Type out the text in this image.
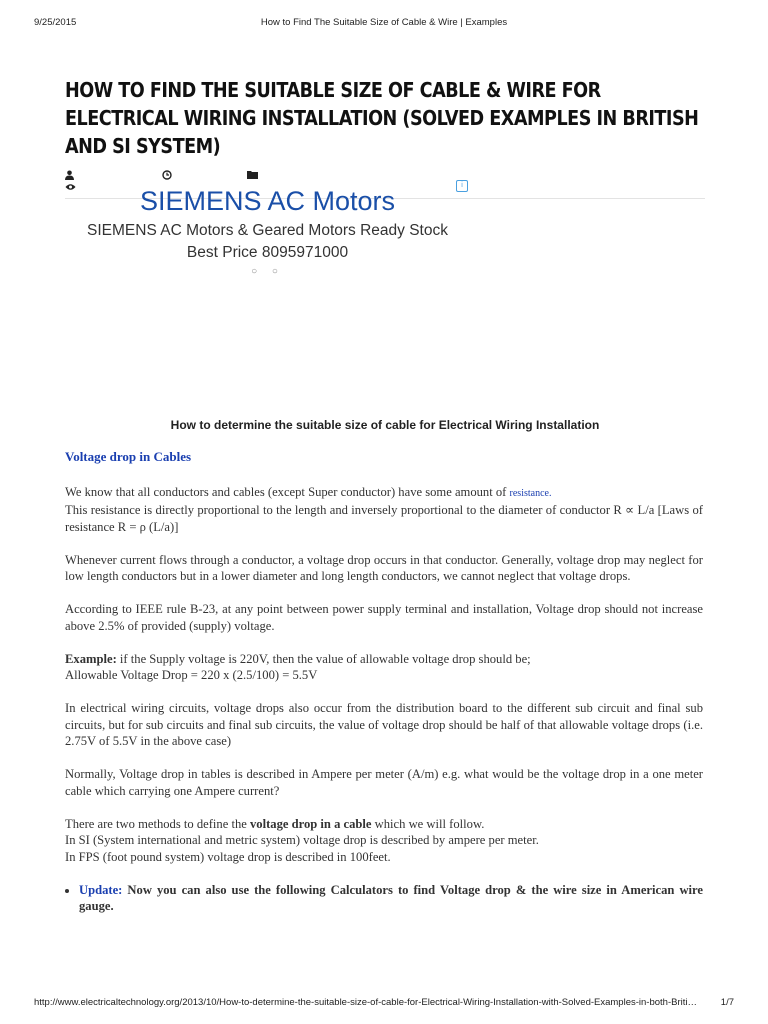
9/25/2015	How to Find The Suitable Size of Cable & Wire | Examples
HOW TO FIND THE SUITABLE SIZE OF CABLE & WIRE FOR ELECTRICAL WIRING INSTALLATION (SOLVED EXAMPLES IN BRITISH AND SI SYSTEM)
i
SIEMENS AC Motors
SIEMENS AC Motors & Geared Motors Ready Stock
Best Price 8095971000
○ ○
How to determine the suitable size of cable for Electrical Wiring Installation

Voltage drop in Cables

We know that all conductors and cables (except Super conductor) have some amount of resistance.
This resistance is directly proportional to the length and inversely proportional to the diameter of conductor R ∝ L/a [Laws of resistance R = ρ (L/a)]

Whenever current flows through a conductor, a voltage drop occurs in that conductor. Generally, voltage drop may neglect for low length conductors but in a lower diameter and long length conductors, we cannot neglect that voltage drops.

According to IEEE rule B-23, at any point between power supply terminal and installation, Voltage drop should not increase above 2.5% of provided (supply) voltage.

Example: if the Supply voltage is 220V, then the value of allowable voltage drop should be;
Allowable Voltage Drop = 220 x (2.5/100) = 5.5V

In electrical wiring circuits, voltage drops also occur from the distribution board to the different sub circuit and final sub circuits, but for sub circuits and final sub circuits, the value of voltage drop should be half of that allowable voltage drops (i.e. 2.75V of 5.5V in the above case)

Normally, Voltage drop in tables is described in Ampere per meter (A/m) e.g. what would be the voltage drop in a one meter cable which carrying one Ampere current?

There are two methods to define the voltage drop in a cable which we will follow.
In SI (System international and metric system) voltage drop is described by ampere per meter.
In FPS (foot pound system) voltage drop is described in 100feet.

• Update: Now you can also use the following Calculators to find Voltage drop & the wire size in American wire gauge.
http://www.electricaltechnology.org/2013/10/How-to-determine-the-suitable-size-of-cable-for-Electrical-Wiring-Installation-with-Solved-Examples-in-both-Briti…	1/7
